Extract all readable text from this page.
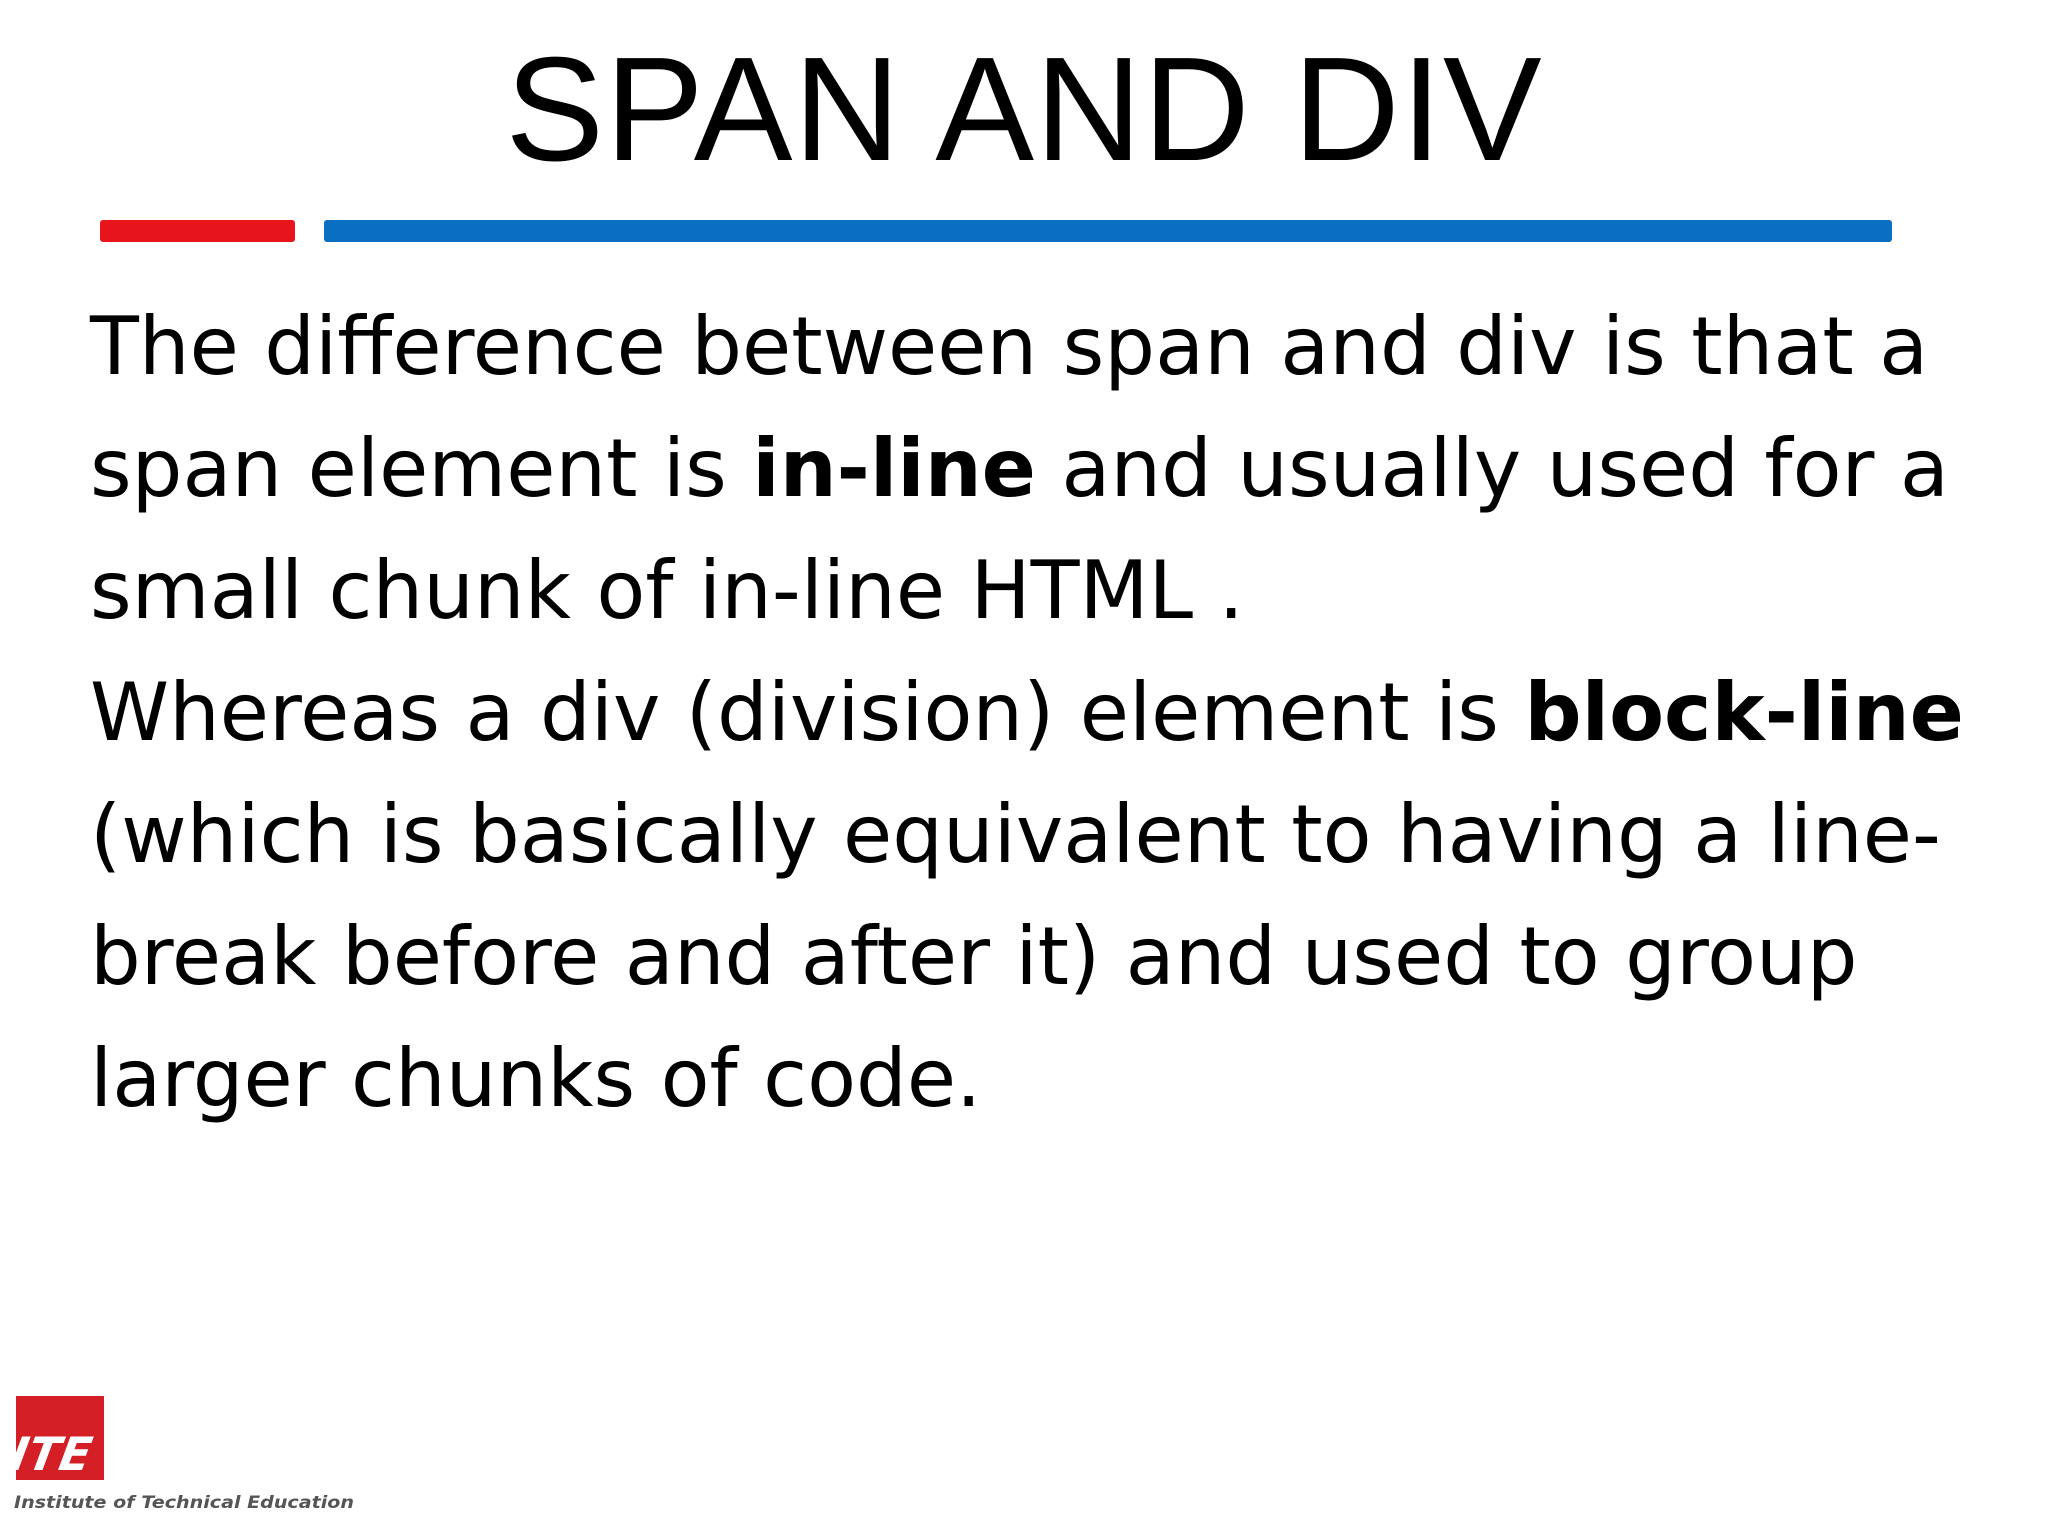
SPAN AND DIV
The difference between span and div is that a
span element is in-line and usually used for a
small chunk of in-line HTML .
Whereas a div (division) element is block-line
(which is basically equivalent to having a line-
break before and after it) and used to group
larger chunks of code.
ITE
Institute of Technical Education
